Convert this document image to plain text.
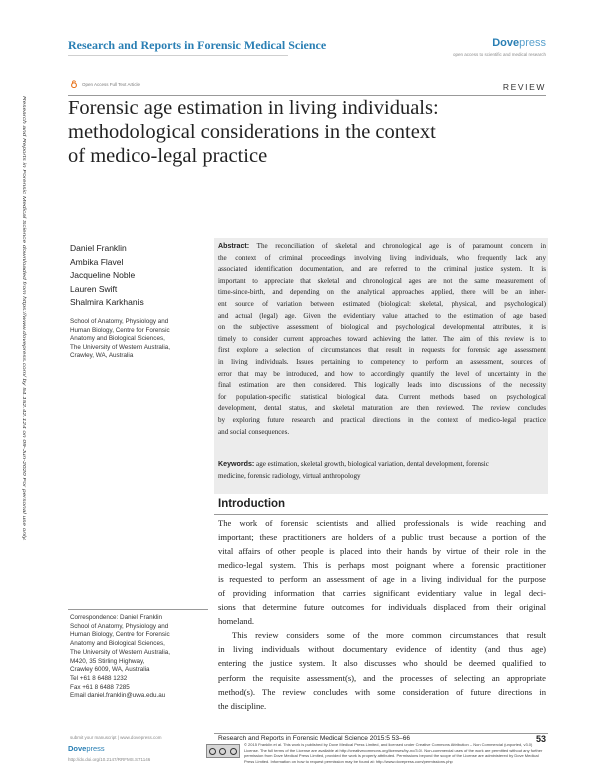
Research and Reports in Forensic Medical Science	Dovepress
open access to scientific and medical research
Open Access Full Text Article	REVIEW
Forensic age estimation in living individuals:
methodological considerations in the context
of medico-legal practice
Research and Reports in Forensic Medical Science downloaded from https://www.dovepress.com/ by 54.152.42.124 on 09-Jun-2020 For personal use only.	Daniel Franklin
Ambika Flavel
Jacqueline Noble
Lauren Swift
Shalmira Karkhanis
School of Anatomy, Physiology and
Human Biology, Centre for Forensic
Anatomy and Biological Sciences,
The University of Western Australia,
Crawley, WA, Australia
Correspondence: Daniel Franklin
School of Anatomy, Physiology and
Human Biology, Centre for Forensic
Anatomy and Biological Sciences,
The University of Western Australia,
M420, 35 Stirling Highway,
Crawley 6009, WA, Australia
Tel +61 8 6488 1232
Fax +61 8 6488 7285
Email daniel.franklin@uwa.edu.au
Abstract: The reconciliation of skeletal and chronological age is of paramount concern in
the context of criminal proceedings involving living individuals, who frequently lack any
associated identification documentation, and are referred to the criminal justice system. It is
important to appreciate that skeletal and chronological ages are not the same measurement of
time-since-birth, and depending on the analytical approaches applied, there will be an inher-
ent source of variation between estimated (biological: skeletal, physical, and psychological)
and actual (legal) age. Given the evidentiary value attached to the estimation of age based
on the subjective assessment of biological and psychological developmental attributes, it is
timely to consider current approaches toward achieving the latter. The aim of this review is to
first explore a selection of circumstances that result in requests for forensic age assessment
in living individuals. Issues pertaining to competency to perform an assessment, sources of
error that may be introduced, and how to accordingly quantify the level of uncertainty in the
final estimation are then considered. This logically leads into discussions of the necessity
for population-specific statistical biological data. Current methods based on psychological
development, dental status, and skeletal maturation are then reviewed. The review concludes
by exploring future research and practical directions in the context of medico-legal practice
and social consequences.
Keywords: age estimation, skeletal growth, biological variation, dental development, forensic
medicine, forensic radiology, virtual anthropology
Introduction
The work of forensic scientists and allied professionals is wide reaching and
important; these practitioners are holders of a public trust because a portion of the
vital affairs of other people is placed into their hands by virtue of their role in the
medico-legal system. This is perhaps most poignant where a forensic practitioner
is requested to perform an assessment of age in a living individual for the purpose
of providing information that carries significant evidentiary value in legal deci-
sions that determine future outcomes for individuals displaced from their original
homeland.
This review considers some of the more common circumstances that result
in living individuals without documentary evidence of identity (and thus age)
entering the justice system. It also discusses who should be deemed qualified to
perform the requisite assessment(s), and the processes of selecting an appropriate
method(s). The review concludes with some consideration of future directions in
the discipline.
Research and Reports in Forensic Medical Science 2015:5 53–66	53
submit your manuscript | www.dovepress.com
Dovepress
http://dx.doi.org/10.2147/RRFMS.S71146
© 2015 Franklin et al. This work is published by Dove Medical Press Limited, and licensed under Creative Commons Attribution – Non Commercial (unported, v3.0) License. The full terms of the License are available at http://creativecommons.org/licenses/by-nc/3.0/. Non-commercial uses of the work are permitted without any further permission from Dove Medical Press Limited, provided the work is properly attributed. Permissions beyond the scope of the License are administered by Dove Medical Press Limited. Information on how to request permission may be found at: http://www.dovepress.com/permissions.php
